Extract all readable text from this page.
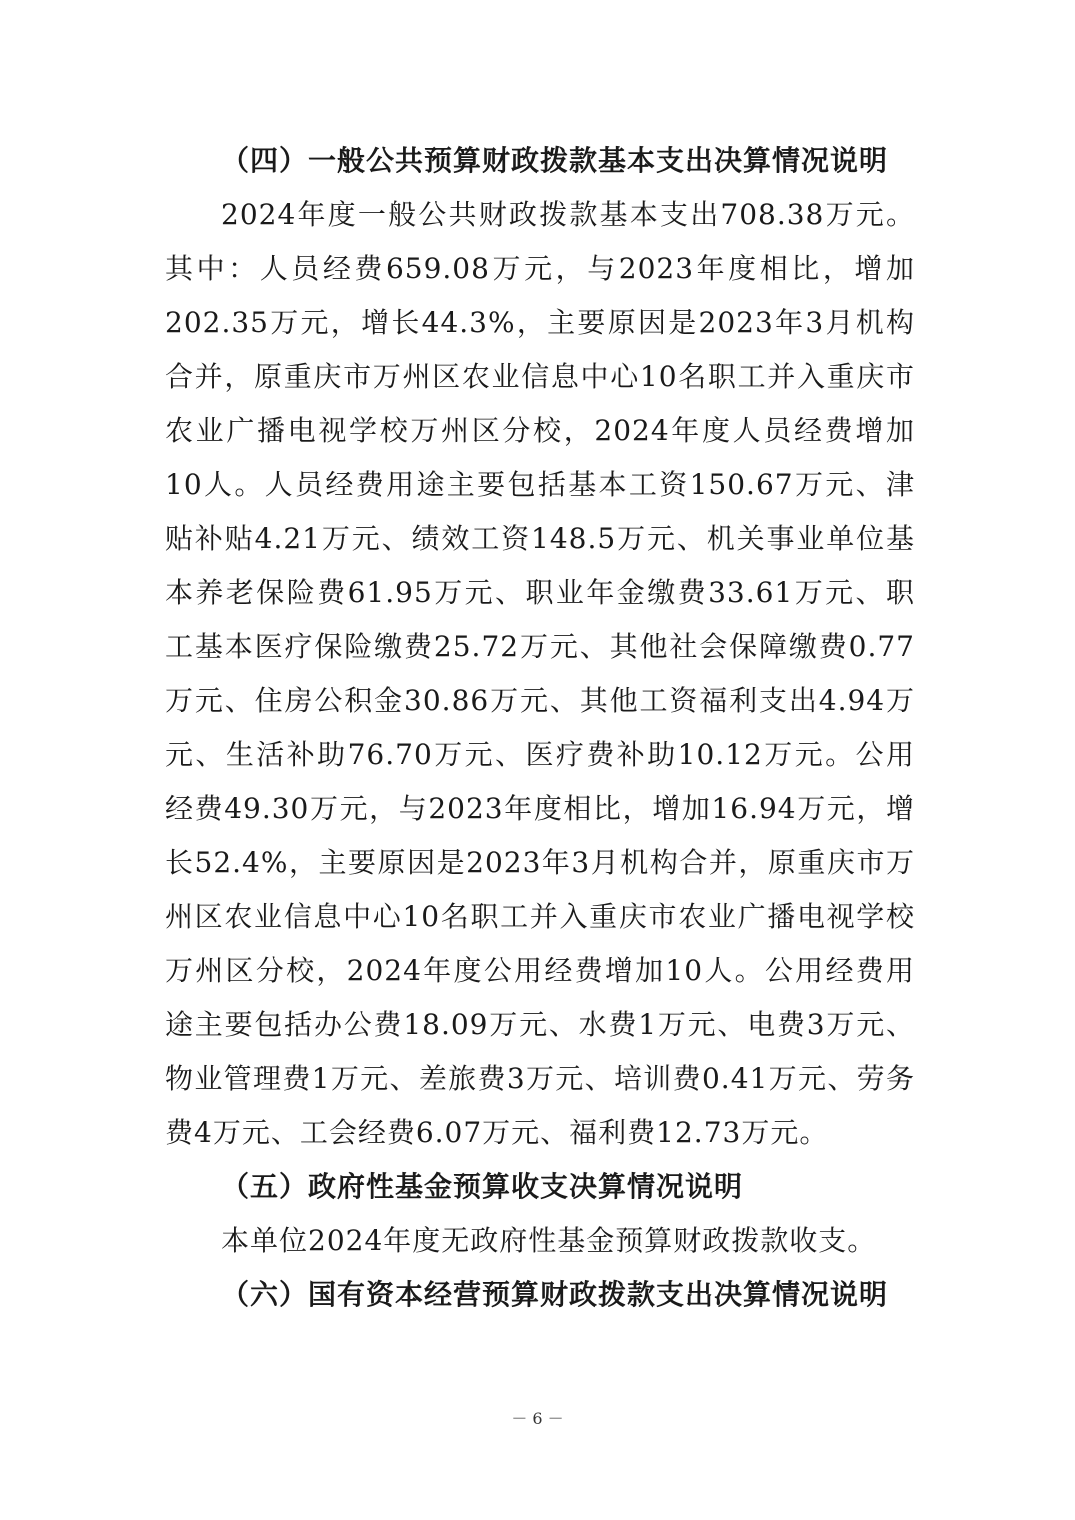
（四）一般公共预算财政拨款基本支出决算情况说明

2024年度一般公共财政拨款基本支出708.38万元。其中：人员经费659.08万元，与2023年度相比，增加202.35万元，增长44.3%，主要原因是2023年3月机构合并，原重庆市万州区农业信息中心10名职工并入重庆市农业广播电视学校万州区分校，2024年度人员经费增加10人。人员经费用途主要包括基本工资150.67万元、津贴补贴4.21万元、绩效工资148.5万元、机关事业单位基本养老保险费61.95万元、职业年金缴费33.61万元、职工基本医疗保险缴费25.72万元、其他社会保障缴费0.77万元、住房公积金30.86万元、其他工资福利支出4.94万元、生活补助76.70万元、医疗费补助10.12万元。公用经费49.30万元，与2023年度相比，增加16.94万元，增长52.4%，主要原因是2023年3月机构合并，原重庆市万州区农业信息中心10名职工并入重庆市农业广播电视学校万州区分校，2024年度公用经费增加10人。公用经费用途主要包括办公费18.09万元、水费1万元、电费3万元、物业管理费1万元、差旅费3万元、培训费0.41万元、劳务费4万元、工会经费6.07万元、福利费12.73万元。

（五）政府性基金预算收支决算情况说明

本单位2024年度无政府性基金预算财政拨款收支。

（六）国有资本经营预算财政拨款支出决算情况说明
－ 6 －
